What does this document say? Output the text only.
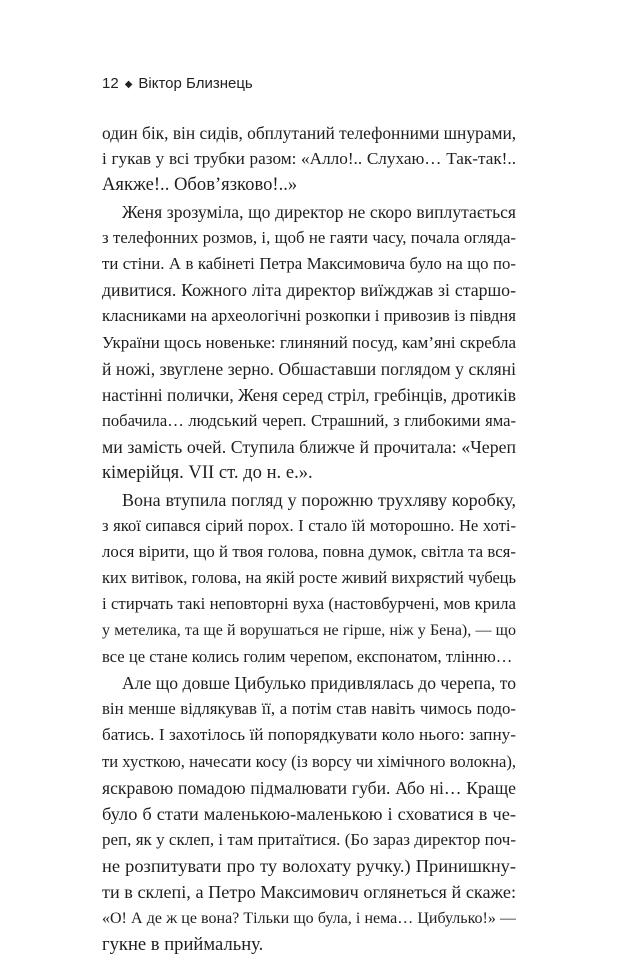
12 ◆ Віктор Близнець
один бік, він сидів, обплутаний телефонними шнурами,
і гукав у всі трубки разом: «Алло!.. Слухаю… Так-так!..
Аякже!.. Обов’язково!..»
Женя зрозуміла, що директор не скоро виплутається
з телефонних розмов, і, щоб не гаяти часу, почала огляда-
ти стіни. А в кабінеті Петра Максимовича було на що по-
дивитися. Кожного літа директор виїжджав зі старшо-
класниками на археологічні розкопки і привозив із півдня
України щось новеньке: глиняний посуд, кам’яні скребла
й ножі, звуглене зерно. Обшаставши поглядом у скляні
настінні полички, Женя серед стріл, гребінців, дротиків
побачила… людський череп. Страшний, з глибокими яма-
ми замість очей. Ступила ближче й прочитала: «Череп
кімерійця. VII ст. до н. е.».
Вона втупила погляд у порожню трухляву коробку,
з якої сипався сірий порох. І стало їй моторошно. Не хоті-
лося вірити, що й твоя голова, повна думок, світла та вся-
ких витівок, голова, на якій росте живий вихрястий чубець
і стирчать такі неповторні вуха (настовбурчені, мов крила
у метелика, та ще й ворушаться не гірше, ніж у Бена), — що
все це стане колись голим черепом, експонатом, тлінню…
Але що довше Цибулько придивлялась до черепа, то
він менше відлякував її, а потім став навіть чимось подо-
батись. І захотілось їй попорядкувати коло нього: запну-
ти хусткою, начесати косу (із ворсу чи хімічного волокна),
яскравою помадою підмалювати губи. Або ні… Краще
було б стати маленькою-маленькою і сховатися в че-
реп, як у склеп, і там притаїтися. (Бо зараз директор поч-
не розпитувати про ту волохату ручку.) Принишкну-
ти в склепі, а Петро Максимович оглянеться й скаже:
«О! А де ж це вона? Тільки що була, і нема… Цибулько!» —
гукне в приймальну.
